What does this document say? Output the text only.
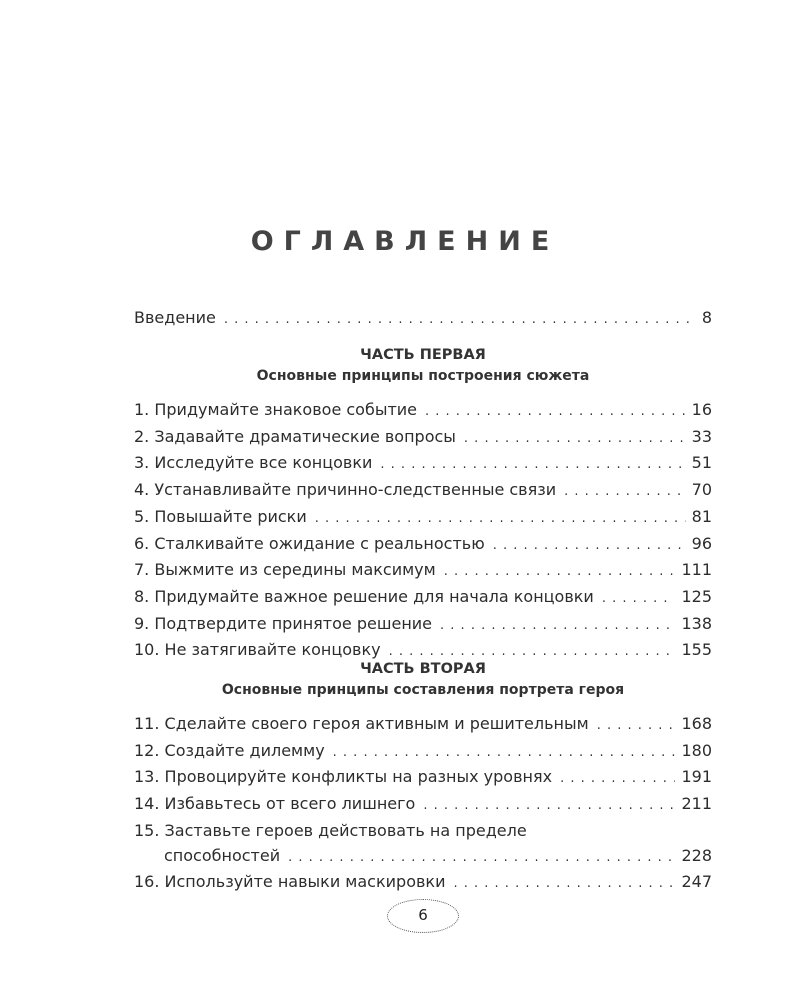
ОГЛАВЛЕНИЕ
Введение . . .	8
ЧАСТЬ ПЕРВАЯ
Основные принципы построения сюжета
1. Придумайте знаковое событие . . .	16
2. Задавайте драматические вопросы . . .	33
3. Исследуйте все концовки . . .	51
4. Устанавливайте причинно-следственные связи . . .	70
5. Повышайте риски . . .	81
6. Сталкивайте ожидание с реальностью . . .	96
7. Выжмите из середины максимум . . .	111
8. Придумайте важное решение для начала концовки . . .	125
9. Подтвердите принятое решение . . .	138
10. Не затягивайте концовку . . .	155
ЧАСТЬ ВТОРАЯ
Основные принципы составления портрета героя
11. Сделайте своего героя активным и решительным . . .	168
12. Создайте дилемму . . .	180
13. Провоцируйте конфликты на разных уровнях . . .	191
14. Избавьтесь от всего лишнего . . .	211
15. Заставьте героев действовать на пределе
способностей . . .	228
16. Используйте навыки маскировки . . .	247
6
